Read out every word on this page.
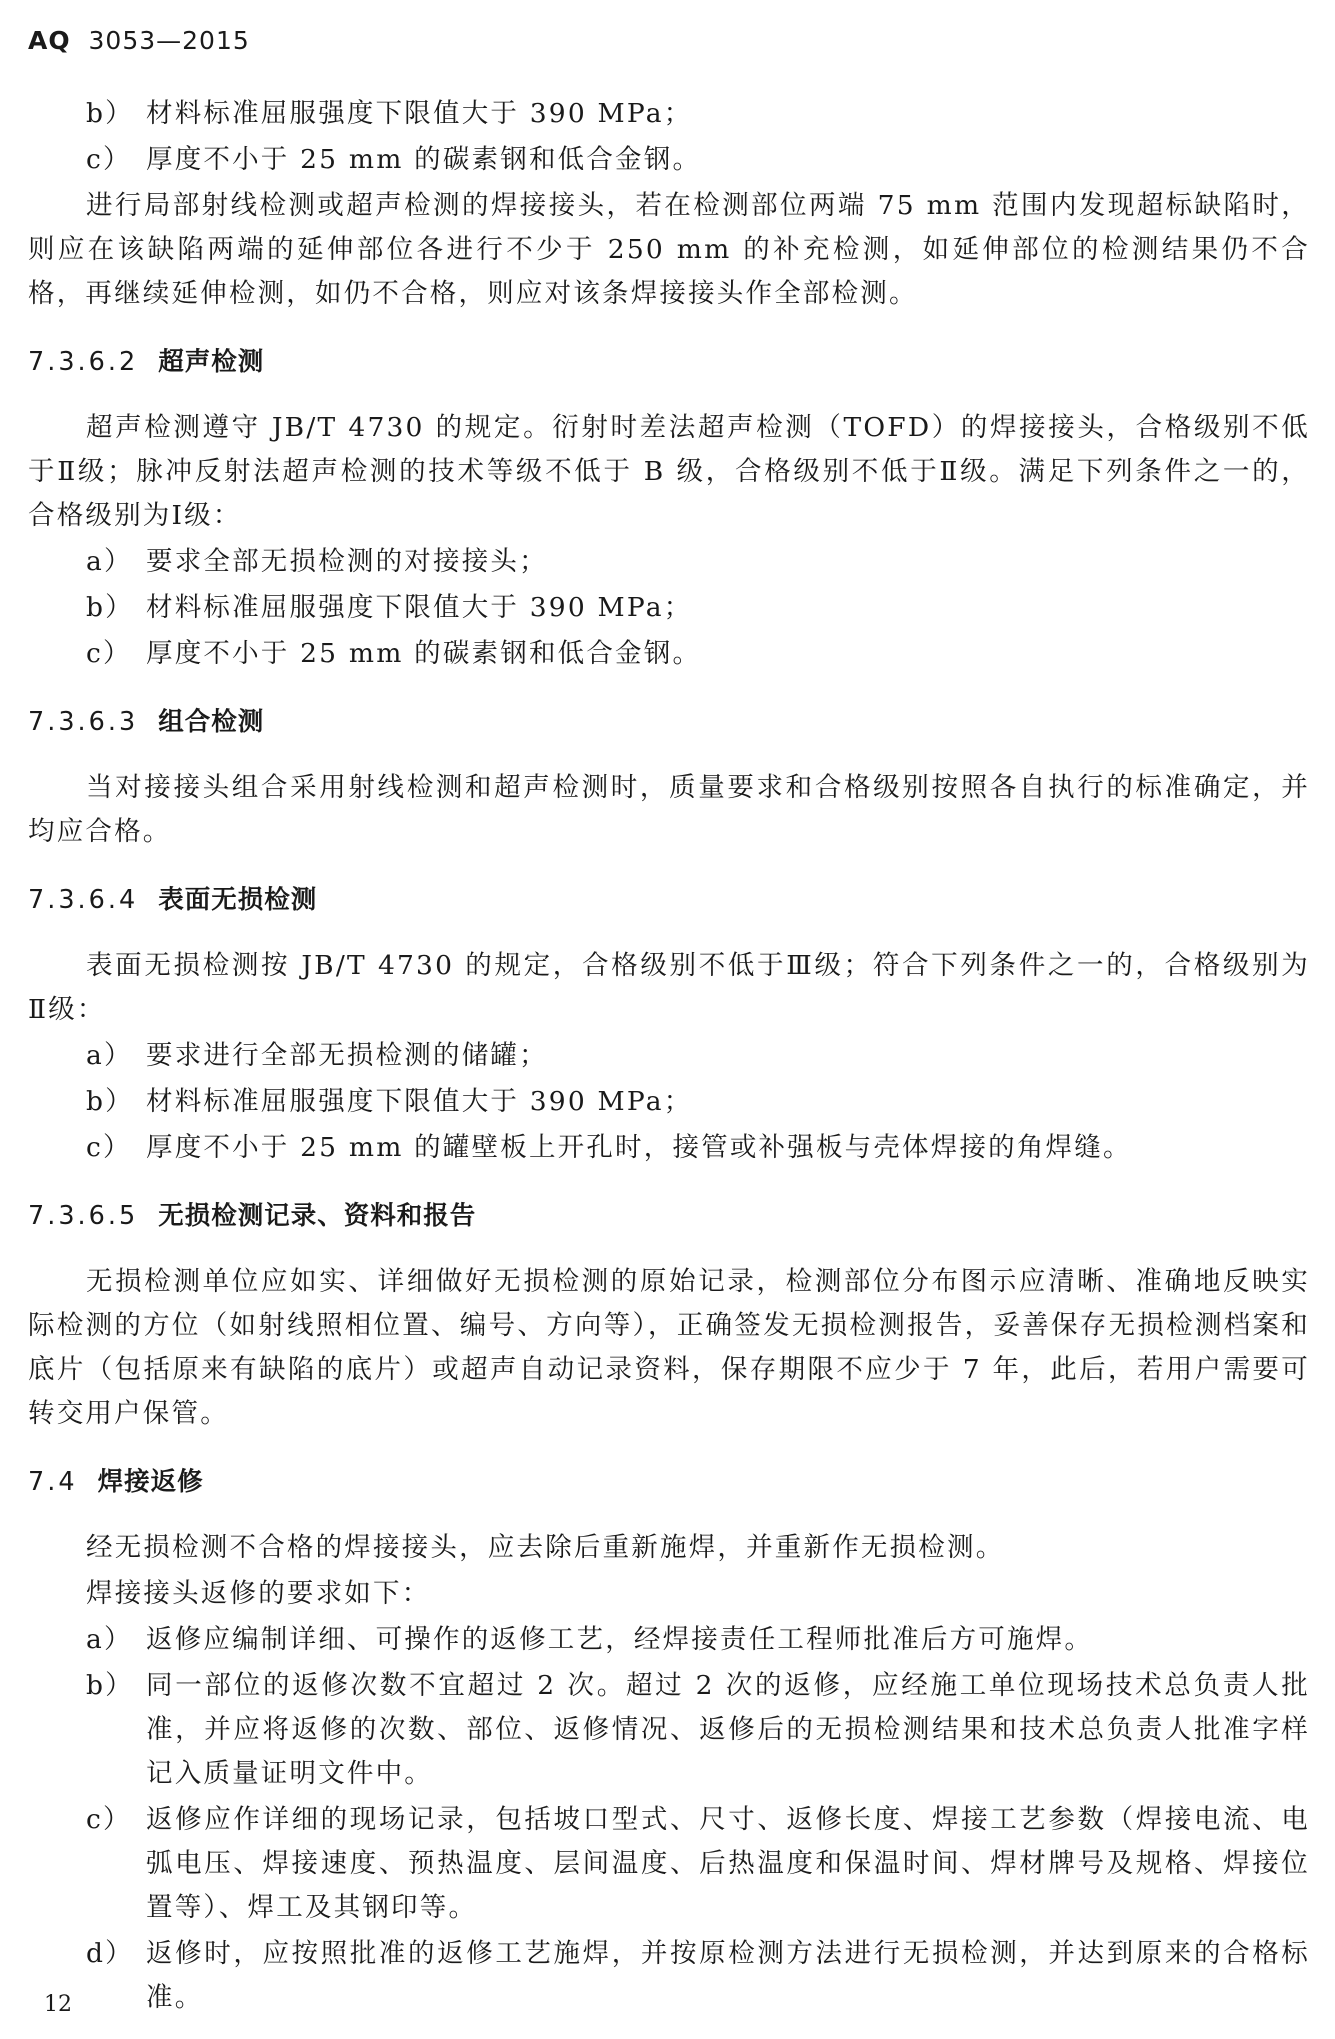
AQ 3053—2015
b） 材料标准屈服强度下限值大于 390 MPa；
c） 厚度不小于 25 mm 的碳素钢和低合金钢。

进行局部射线检测或超声检测的焊接接头，若在检测部位两端 75 mm 范围内发现超标缺陷时，则应在该缺陷两端的延伸部位各进行不少于 250 mm 的补充检测，如延伸部位的检测结果仍不合格，再继续延伸检测，如仍不合格，则应对该条焊接接头作全部检测。

7.3.6.2 超声检测

超声检测遵守 JB/T 4730 的规定。衍射时差法超声检测（TOFD）的焊接接头，合格级别不低于Ⅱ级；脉冲反射法超声检测的技术等级不低于 B 级，合格级别不低于Ⅱ级。满足下列条件之一的，合格级别为Ⅰ级：

a） 要求全部无损检测的对接接头；
b） 材料标准屈服强度下限值大于 390 MPa；
c） 厚度不小于 25 mm 的碳素钢和低合金钢。
7.3.6.3 组合检测

当对接接头组合采用射线检测和超声检测时，质量要求和合格级别按照各自执行的标准确定，并均应合格。

7.3.6.4 表面无损检测

表面无损检测按 JB/T 4730 的规定，合格级别不低于Ⅲ级；符合下列条件之一的，合格级别为Ⅱ级：

a） 要求进行全部无损检测的储罐；
b） 材料标准屈服强度下限值大于 390 MPa；
c） 厚度不小于 25 mm 的罐壁板上开孔时，接管或补强板与壳体焊接的角焊缝。
7.3.6.5 无损检测记录、资料和报告

无损检测单位应如实、详细做好无损检测的原始记录，检测部位分布图示应清晰、准确地反映实际检测的方位（如射线照相位置、编号、方向等），正确签发无损检测报告，妥善保存无损检测档案和底片（包括原来有缺陷的底片）或超声自动记录资料，保存期限不应少于 7 年，此后，若用户需要可转交用户保管。

7.4 焊接返修

经无损检测不合格的焊接接头，应去除后重新施焊，并重新作无损检测。

焊接接头返修的要求如下：

a） 返修应编制详细、可操作的返修工艺，经焊接责任工程师批准后方可施焊。
b） 同一部位的返修次数不宜超过 2 次。超过 2 次的返修，应经施工单位现场技术总负责人批准，并应将返修的次数、部位、返修情况、返修后的无损检测结果和技术总负责人批准字样记入质量证明文件中。
c） 返修应作详细的现场记录，包括坡口型式、尺寸、返修长度、焊接工艺参数（焊接电流、电弧电压、焊接速度、预热温度、层间温度、后热温度和保温时间、焊材牌号及规格、焊接位置等）、焊工及其钢印等。
d） 返修时，应按照批准的返修工艺施焊，并按原检测方法进行无损检测，并达到原来的合格标准。
12
